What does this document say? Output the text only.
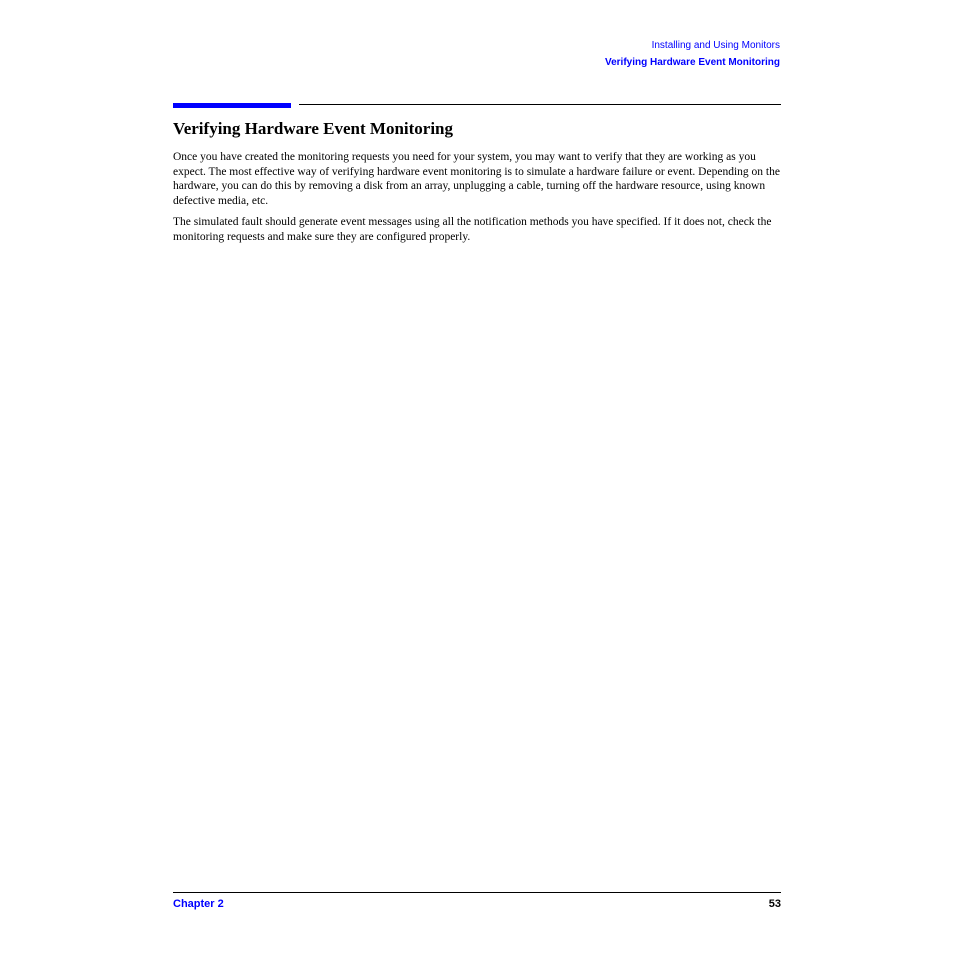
Installing and Using Monitors
Verifying Hardware Event Monitoring
Verifying Hardware Event Monitoring

Once you have created the monitoring requests you need for your system, you may want to verify that they are working as you expect. The most effective way of verifying hardware event monitoring is to simulate a hardware failure or event. Depending on the hardware, you can do this by removing a disk from an array, unplugging a cable, turning off the hardware resource, using known defective media, etc.

The simulated fault should generate event messages using all the notification methods you have specified. If it does not, check the monitoring requests and make sure they are configured properly.

Chapter 2	53
